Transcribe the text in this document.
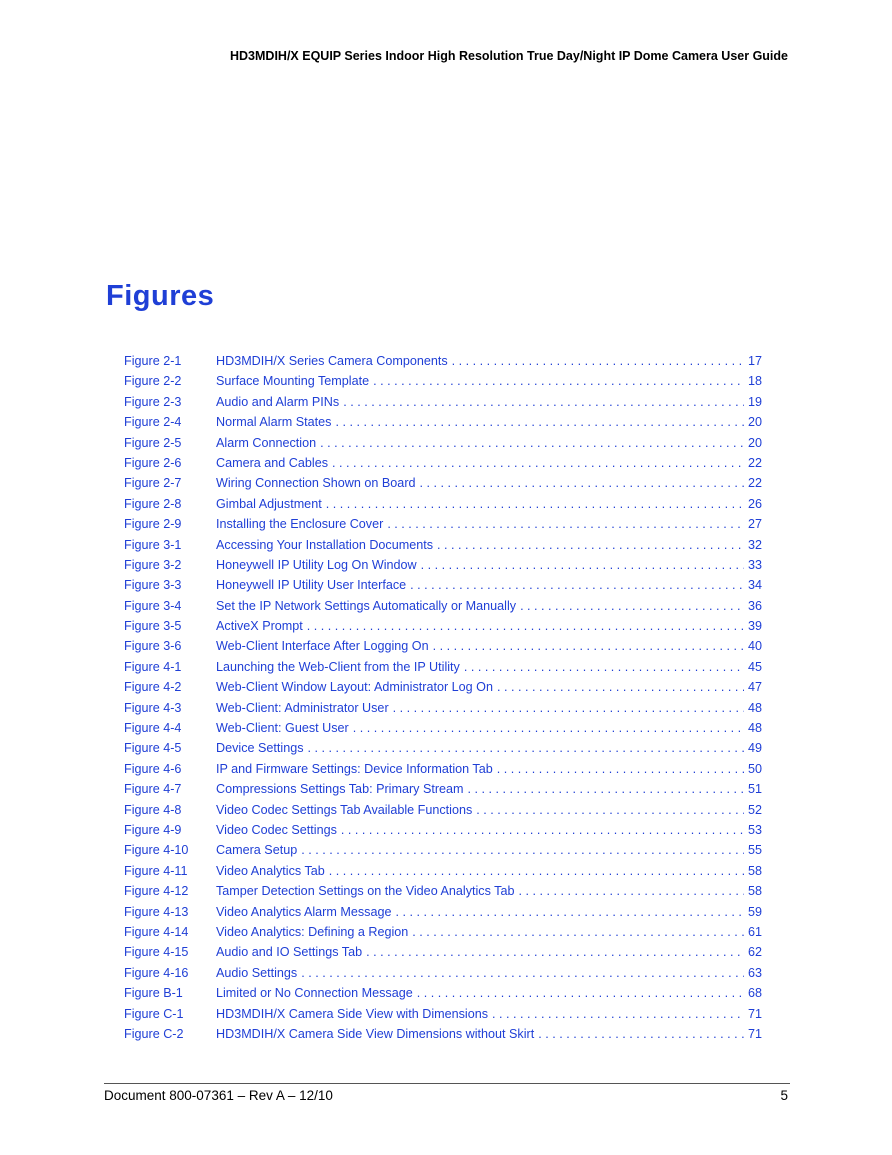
HD3MDIH/X EQUIP Series Indoor High Resolution True Day/Night IP Dome Camera User Guide
Figures
Figure 2-1	HD3MDIH/X Series Camera Components . . .	17
Figure 2-2	Surface Mounting Template . . .	18
Figure 2-3	Audio and Alarm PINs . . .	19
Figure 2-4	Normal Alarm States . . .	20
Figure 2-5	Alarm Connection . . .	20
Figure 2-6	Camera and Cables . . .	22
Figure 2-7	Wiring Connection Shown on Board . . .	22
Figure 2-8	Gimbal Adjustment . . .	26
Figure 2-9	Installing the Enclosure Cover . . .	27
Figure 3-1	Accessing Your Installation Documents . . .	32
Figure 3-2	Honeywell IP Utility Log On Window . . .	33
Figure 3-3	Honeywell IP Utility User Interface . . .	34
Figure 3-4	Set the IP Network Settings Automatically or Manually . . .	36
Figure 3-5	ActiveX Prompt . . .	39
Figure 3-6	Web-Client Interface After Logging On . . .	40
Figure 4-1	Launching the Web-Client from the IP Utility . . .	45
Figure 4-2	Web-Client Window Layout: Administrator Log On . . .	47
Figure 4-3	Web-Client: Administrator User . . .	48
Figure 4-4	Web-Client: Guest User . . .	48
Figure 4-5	Device Settings . . .	49
Figure 4-6	IP and Firmware Settings: Device Information Tab . . .	50
Figure 4-7	Compressions Settings Tab: Primary Stream . . .	51
Figure 4-8	Video Codec Settings Tab Available Functions . . .	52
Figure 4-9	Video Codec Settings . . .	53
Figure 4-10	Camera Setup . . .	55
Figure 4-11	Video Analytics Tab . . .	58
Figure 4-12	Tamper Detection Settings on the Video Analytics Tab . . .	58
Figure 4-13	Video Analytics Alarm Message . . .	59
Figure 4-14	Video Analytics: Defining a Region . . .	61
Figure 4-15	Audio and IO Settings Tab . . .	62
Figure 4-16	Audio Settings . . .	63
Figure B-1	Limited or No Connection Message . . .	68
Figure C-1	HD3MDIH/X Camera Side View with Dimensions . . .	71
Figure C-2	HD3MDIH/X Camera Side View Dimensions without Skirt . . .	71
Document 800-07361 – Rev A – 12/10	5
